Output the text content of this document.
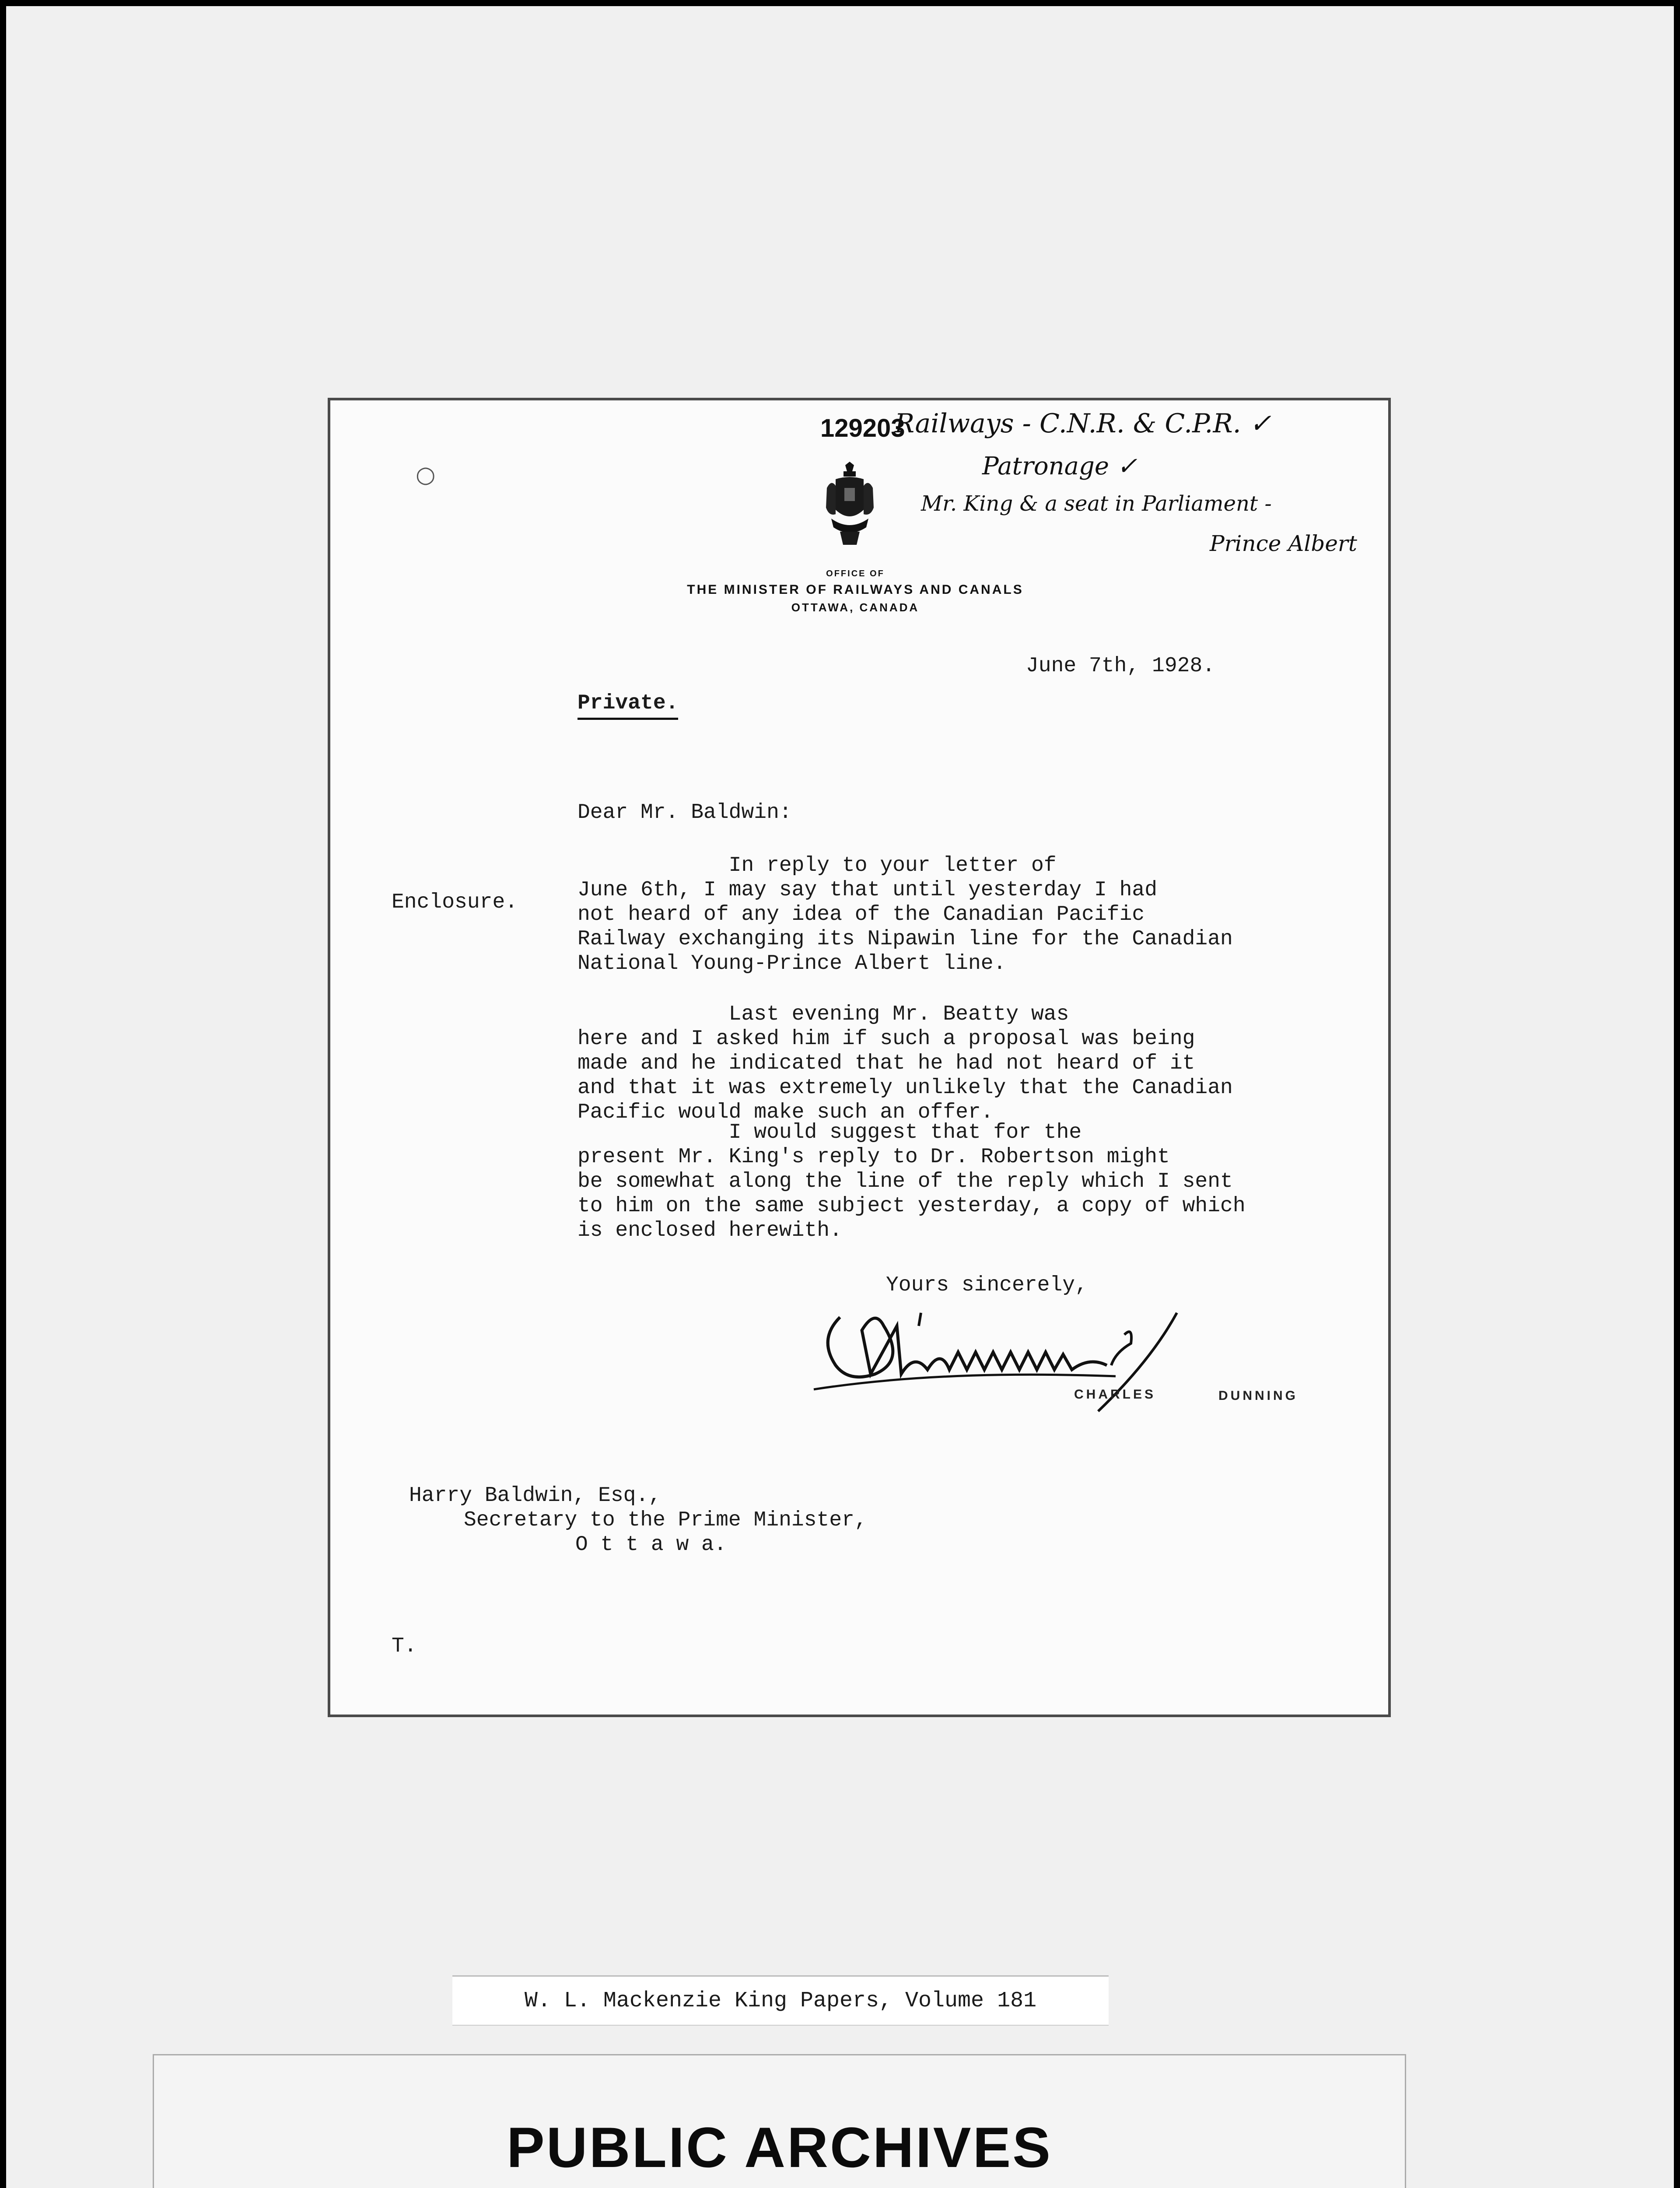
○
129203
Railways - C.N.R. & C.P.R. ✓
Patronage ✓
Mr. King & a seat in Parliament -
Prince Albert
OFFICE OF
THE MINISTER OF RAILWAYS AND CANALS
OTTAWA, CANADA
June 7th, 1928.
Private.
Dear Mr. Baldwin:
Enclosure.
In reply to your letter of
June 6th, I may say that until yesterday I had
not heard of any idea of the Canadian Pacific
Railway exchanging its Nipawin line for the Canadian
National Young-Prince Albert line.
Last evening Mr. Beatty was
here and I asked him if such a proposal was being
made and he indicated that he had not heard of it
and that it was extremely unlikely that the Canadian
Pacific would make such an offer.
I would suggest that for the
present Mr. King's reply to Dr. Robertson might
be somewhat along the line of the reply which I sent
to him on the same subject yesterday, a copy of which
is enclosed herewith.
Yours sincerely,
CHARLES	DUNNING
Harry Baldwin, Esq.,
Secretary to the Prime Minister,
O t t a w a.
T.
W. L. Mackenzie King Papers, Volume 181
PUBLIC ARCHIVES
